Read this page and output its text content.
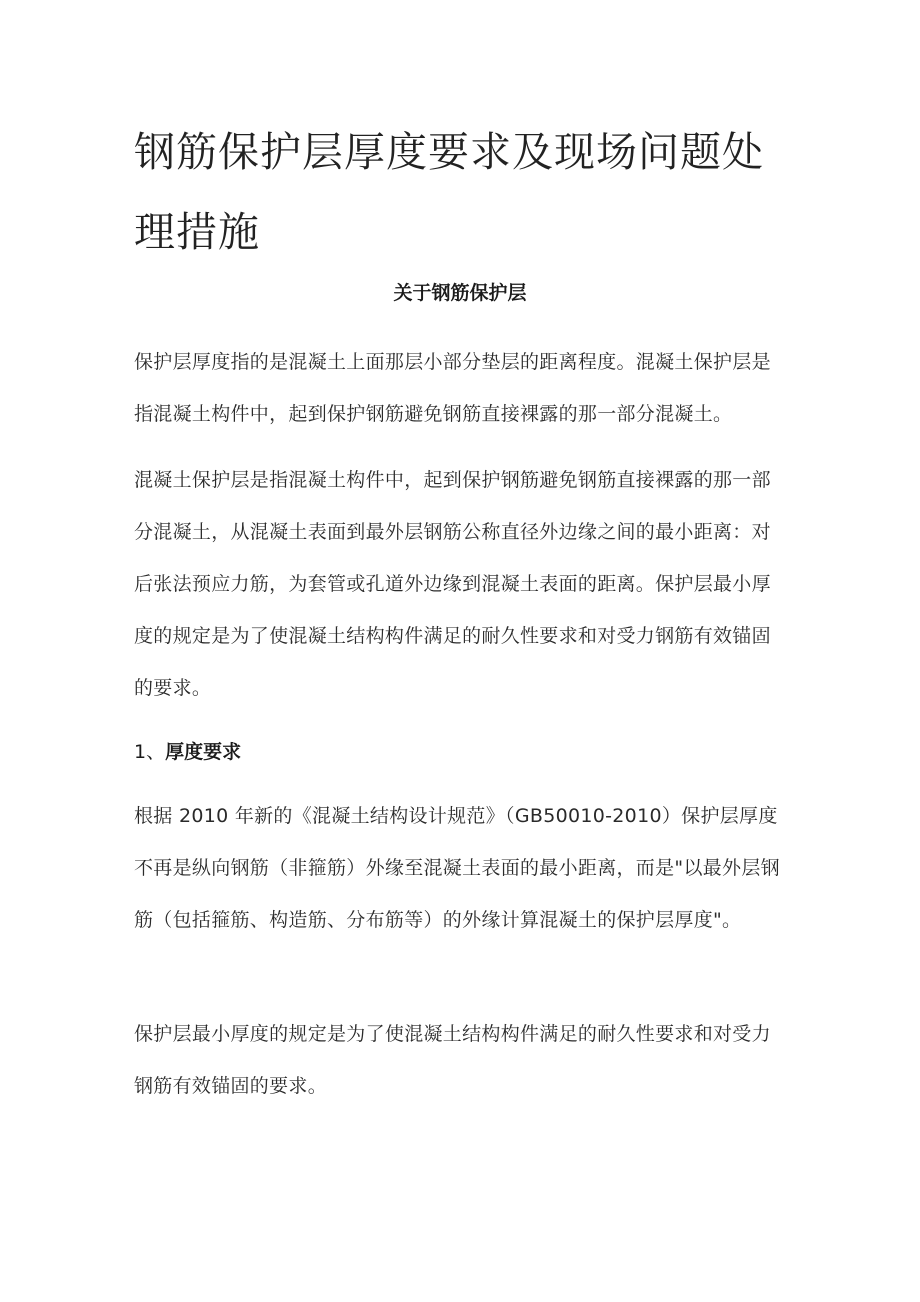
钢筋保护层厚度要求及现场问题处理措施
关于钢筋保护层

保护层厚度指的是混凝土上面那层小部分垫层的距离程度。混凝土保护层是指混凝土构件中，起到保护钢筋避免钢筋直接裸露的那一部分混凝土。

混凝土保护层是指混凝土构件中，起到保护钢筋避免钢筋直接裸露的那一部分混凝土，从混凝土表面到最外层钢筋公称直径外边缘之间的最小距离：对后张法预应力筋，为套管或孔道外边缘到混凝土表面的距离。保护层最小厚度的规定是为了使混凝土结构构件满足的耐久性要求和对受力钢筋有效锚固的要求。

1、厚度要求

根据 2010 年新的《混凝土结构设计规范》（GB50010-2010）保护层厚度不再是纵向钢筋（非箍筋）外缘至混凝土表面的最小距离，而是"以最外层钢筋（包括箍筋、构造筋、分布筋等）的外缘计算混凝土的保护层厚度"。

保护层最小厚度的规定是为了使混凝土结构构件满足的耐久性要求和对受力钢筋有效锚固的要求。
